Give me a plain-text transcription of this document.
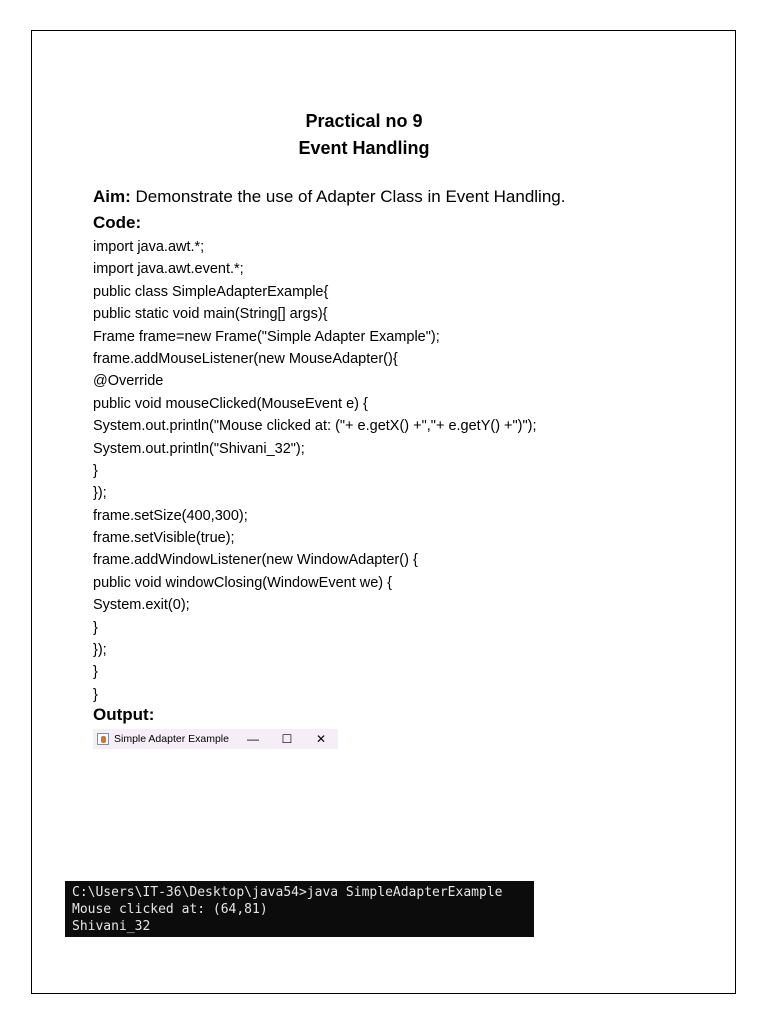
Practical no 9
Event Handling
Aim: Demonstrate the use of Adapter Class in Event Handling.
Code:
import java.awt.*;
import java.awt.event.*;
public class SimpleAdapterExample{
public static void main(String[] args){
Frame frame=new Frame("Simple Adapter Example");
frame.addMouseListener(new MouseAdapter(){
@Override
public void mouseClicked(MouseEvent e) {
System.out.println("Mouse clicked at: ("+ e.getX() +","+ e.getY() +")");
System.out.println("Shivani_32");
}
});
frame.setSize(400,300);
frame.setVisible(true);
frame.addWindowListener(new WindowAdapter() {
public void windowClosing(WindowEvent we) {
System.exit(0);
}
});
}
}
Output:
Simple Adapter Example	—	☐	✕
C:\Users\IT-36\Desktop\java54>java SimpleAdapterExample
Mouse clicked at: (64,81)
Shivani_32
